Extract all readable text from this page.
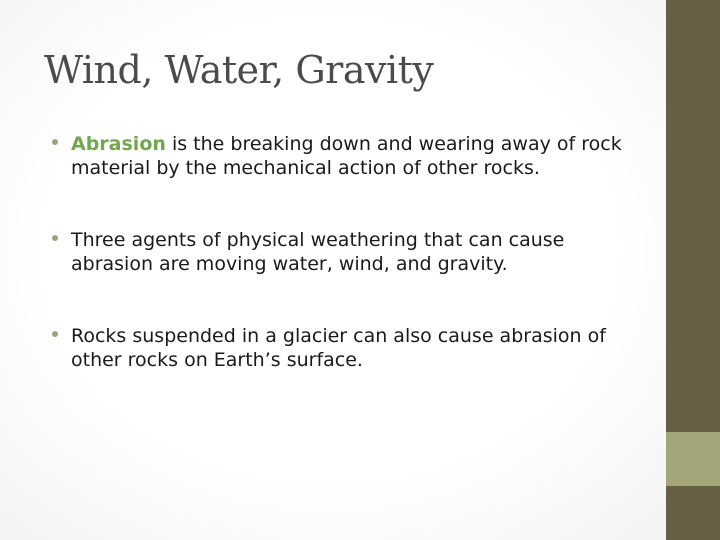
Wind, Water, Gravity
Abrasion is the breaking down and wearing away of rock material by the mechanical action of other rocks.
Three agents of physical weathering that can cause abrasion are moving water, wind, and gravity.
Rocks suspended in a glacier can also cause abrasion of other rocks on Earth’s surface.
